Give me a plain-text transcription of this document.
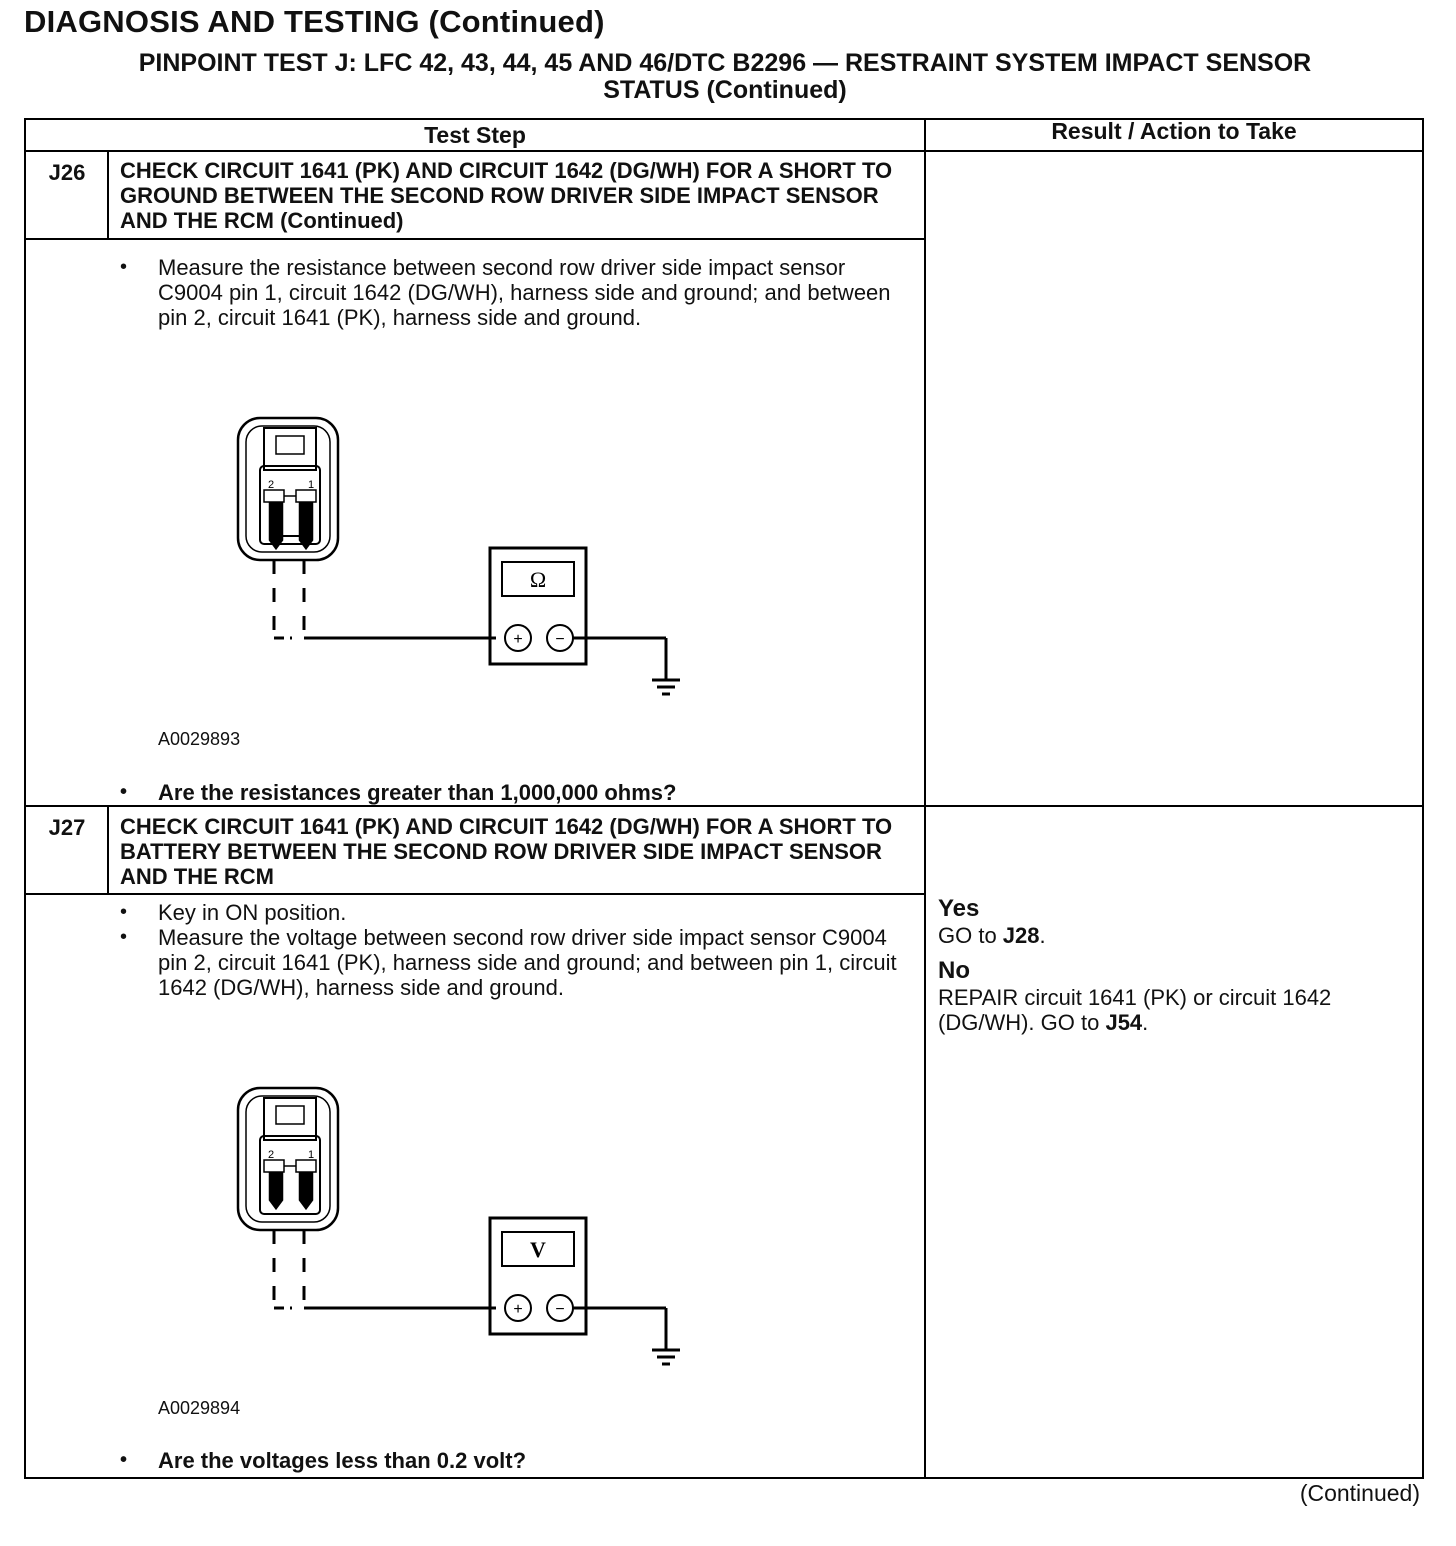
DIAGNOSIS AND TESTING (Continued)
PINPOINT TEST J: LFC 42, 43, 44, 45 AND 46/DTC B2296 — RESTRAINT SYSTEM IMPACT SENSOR
STATUS (Continued)
Test Step	Result / Action to Take
J26	CHECK CIRCUIT 1641 (PK) AND CIRCUIT 1642 (DG/WH) FOR A SHORT TO GROUND BETWEEN THE SECOND ROW DRIVER SIDE IMPACT SENSOR AND THE RCM (Continued)
• Measure the resistance between second row driver side impact sensor C9004 pin 1, circuit 1642 (DG/WH), harness side and ground; and between pin 2, circuit 1641 (PK), harness side and ground.
2	1
Ω
+ −
A0029893
• Are the resistances greater than 1,000,000 ohms?
J27	CHECK CIRCUIT 1641 (PK) AND CIRCUIT 1642 (DG/WH) FOR A SHORT TO BATTERY BETWEEN THE SECOND ROW DRIVER SIDE IMPACT SENSOR AND THE RCM
• Key in ON position.
• Measure the voltage between second row driver side impact sensor C9004 pin 2, circuit 1641 (PK), harness side and ground; and between pin 1, circuit 1642 (DG/WH), harness side and ground.
2	1
V
+ −
A0029894
• Are the voltages less than 0.2 volt?
Yes
GO to J28.
No
REPAIR circuit 1641 (PK) or circuit 1642 (DG/WH). GO to J54.
(Continued)
